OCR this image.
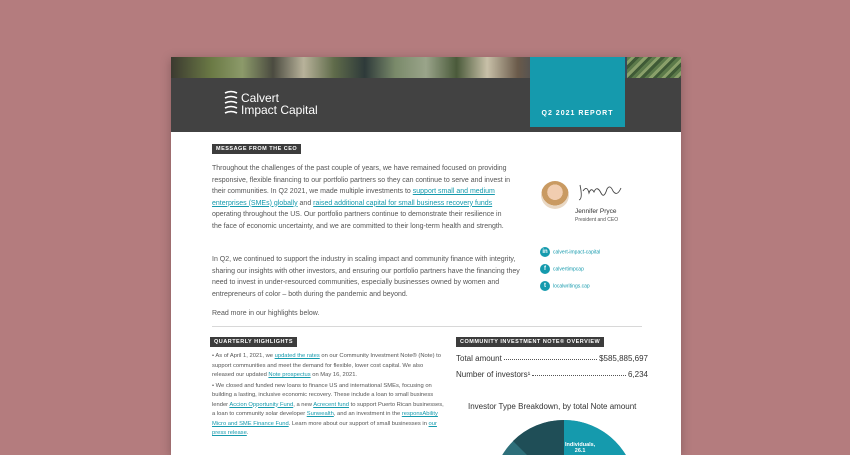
Q2 2021 REPORT
Calvert
Impact Capital
MESSAGE FROM THE CEO
Throughout the challenges of the past couple of years, we have remained focused on providing responsive, flexible financing to our portfolio partners so they can continue to serve and invest in their communities. In Q2 2021, we made multiple investments to support small and medium enterprises (SMEs) globally and raised additional capital for small business recovery funds operating throughout the US. Our portfolio partners continue to demonstrate their resilience in the face of economic uncertainty, and we are committed to their long-term health and strength.
In Q2, we continued to support the industry in scaling impact and community finance with integrity, sharing our insights with other investors, and ensuring our portfolio partners have the financing they need to invest in under-resourced communities, especially businesses owned by women and entrepreneurs of color – both during the pandemic and beyond.
Read more in our highlights below.
Jennifer Pryce
President and CEO
in calvert-impact-capital
f calvertimpcap
t localwritings.cap
QUARTERLY HIGHLIGHTS	COMMUNITY INVESTMENT NOTE® OVERVIEW

• As of April 1, 2021, we updated the rates on our Community Investment Note® (Note) to support communities and meet the demand for flexible, lower cost capital. We also released our updated Note prospectus on May 16, 2021.

• We closed and funded new loans to finance US and international SMEs, focusing on building a lasting, inclusive economic recovery. These include a loan to small business lender Accion Opportunity Fund, a new Acrecent fund to support Puerto Rican businesses, a loan to community solar developer Sunwealth, and an investment in the responsAbility Micro and SME Finance Fund. Learn more about our support of small businesses in our press release.

Total amount	$585,885,697
Number of investors¹	6,234
Investor Type Breakdown, by total Note amount
Individuals,
26.1
